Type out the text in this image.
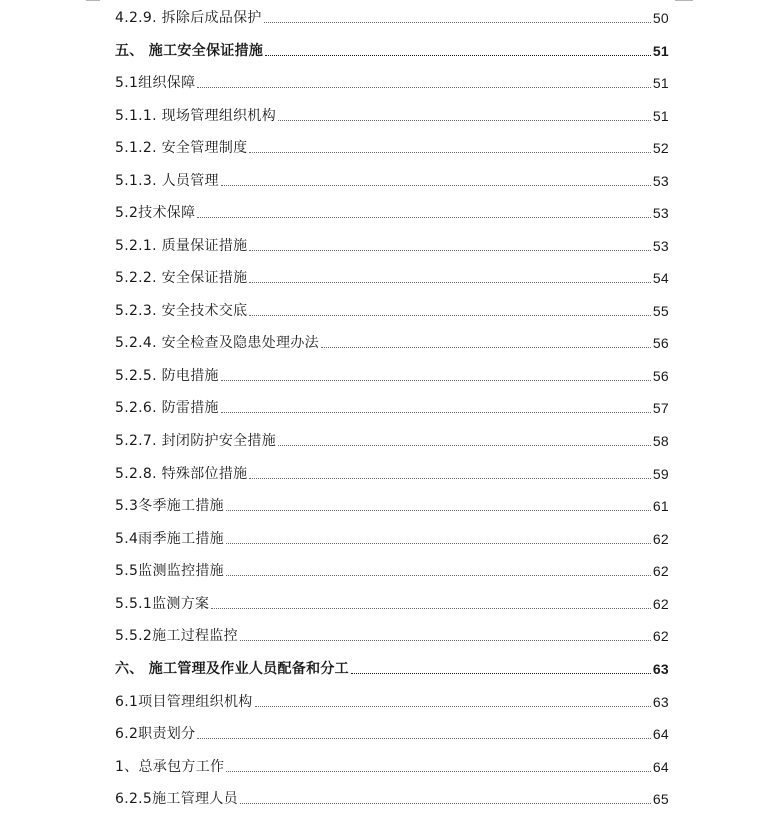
4.2.9. 拆除后成品保护	50
五、 施工安全保证措施	51
5.1组织保障	51
5.1.1. 现场管理组织机构	51
5.1.2. 安全管理制度	52
5.1.3. 人员管理	53
5.2技术保障	53
5.2.1. 质量保证措施	53
5.2.2. 安全保证措施	54
5.2.3. 安全技术交底	55
5.2.4. 安全检查及隐患处理办法	56
5.2.5. 防电措施	56
5.2.6. 防雷措施	57
5.2.7. 封闭防护安全措施	58
5.2.8. 特殊部位措施	59
5.3冬季施工措施	61
5.4雨季施工措施	62
5.5监测监控措施	62
5.5.1监测方案	62
5.5.2施工过程监控	62
六、 施工管理及作业人员配备和分工	63
6.1项目管理组织机构	63
6.2职责划分	64
1、总承包方工作	64
6.2.5施工管理人员	65
